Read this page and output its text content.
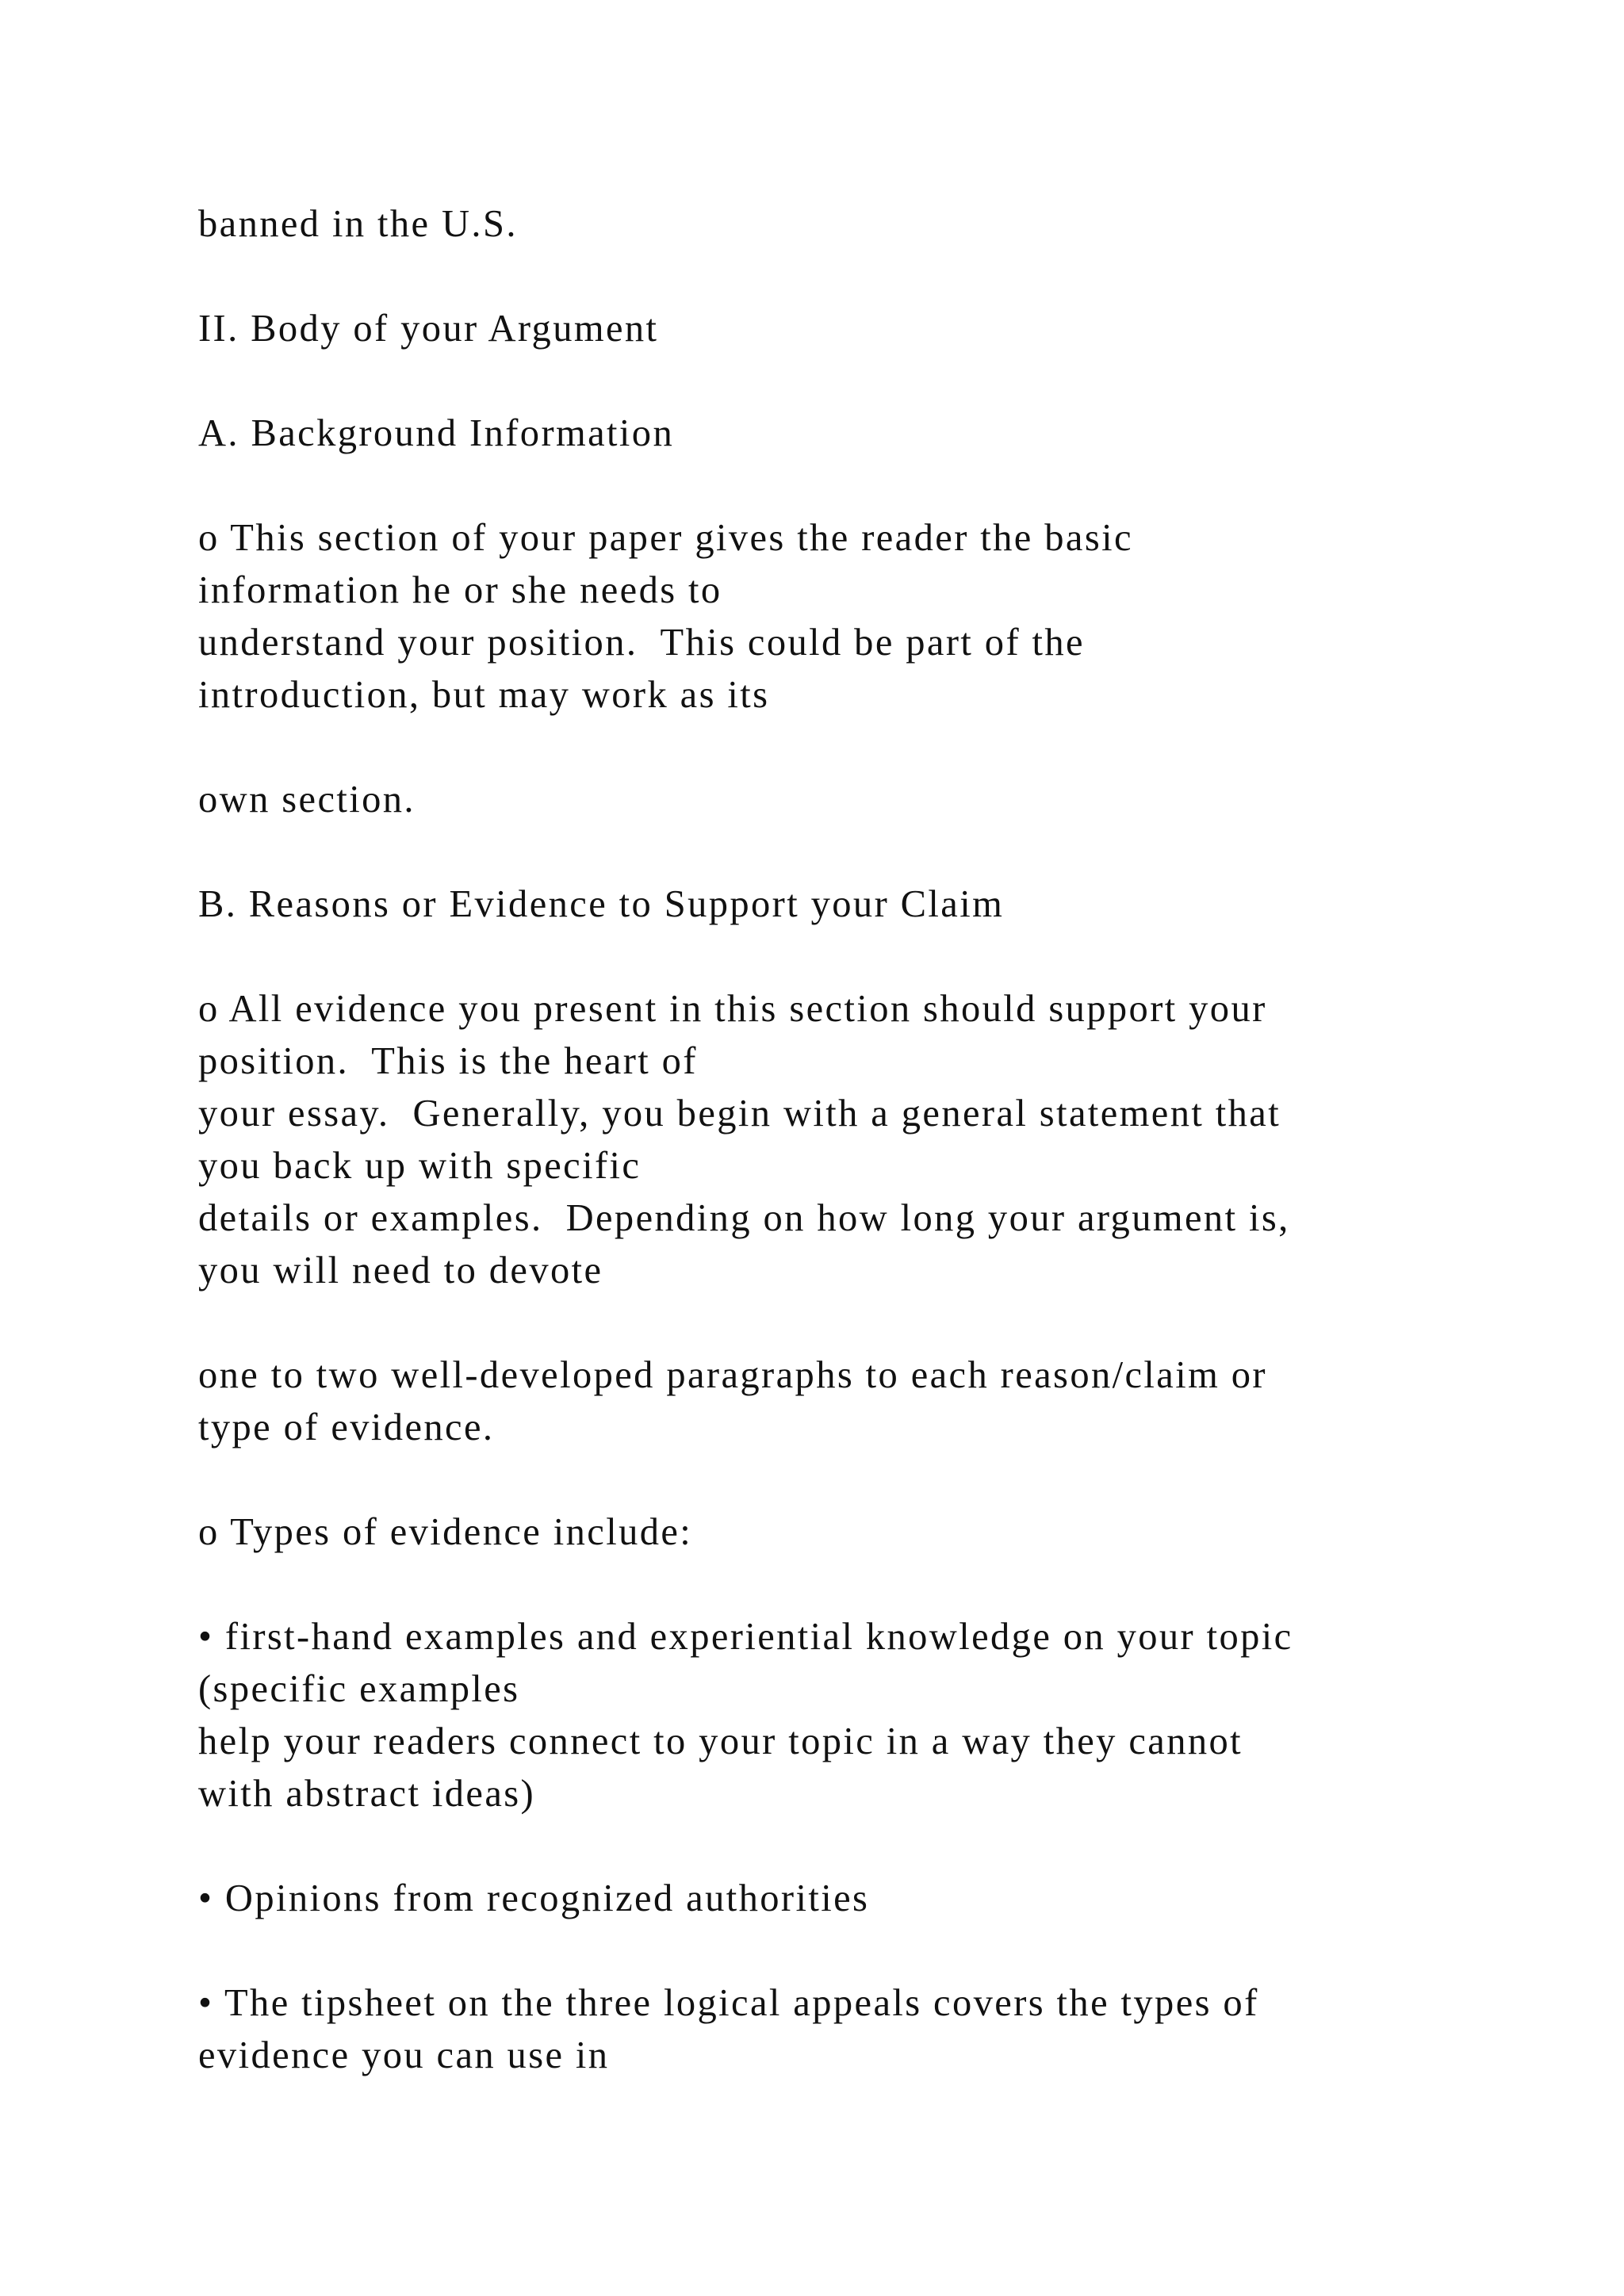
banned in the U.S.
II. Body of your Argument
A. Background Information
o This section of your paper gives the reader the basic
information he or she needs to
understand your position.  This could be part of the
introduction, but may work as its
own section.
B. Reasons or Evidence to Support your Claim
o All evidence you present in this section should support your
position.  This is the heart of
your essay.  Generally, you begin with a general statement that
you back up with specific
details or examples.  Depending on how long your argument is,
you will need to devote
one to two well-developed paragraphs to each reason/claim or
type of evidence.
o Types of evidence include:
• first-hand examples and experiential knowledge on your topic
(specific examples
help your readers connect to your topic in a way they cannot
with abstract ideas)
• Opinions from recognized authorities
• The tipsheet on the three logical appeals covers the types of
evidence you can use in
